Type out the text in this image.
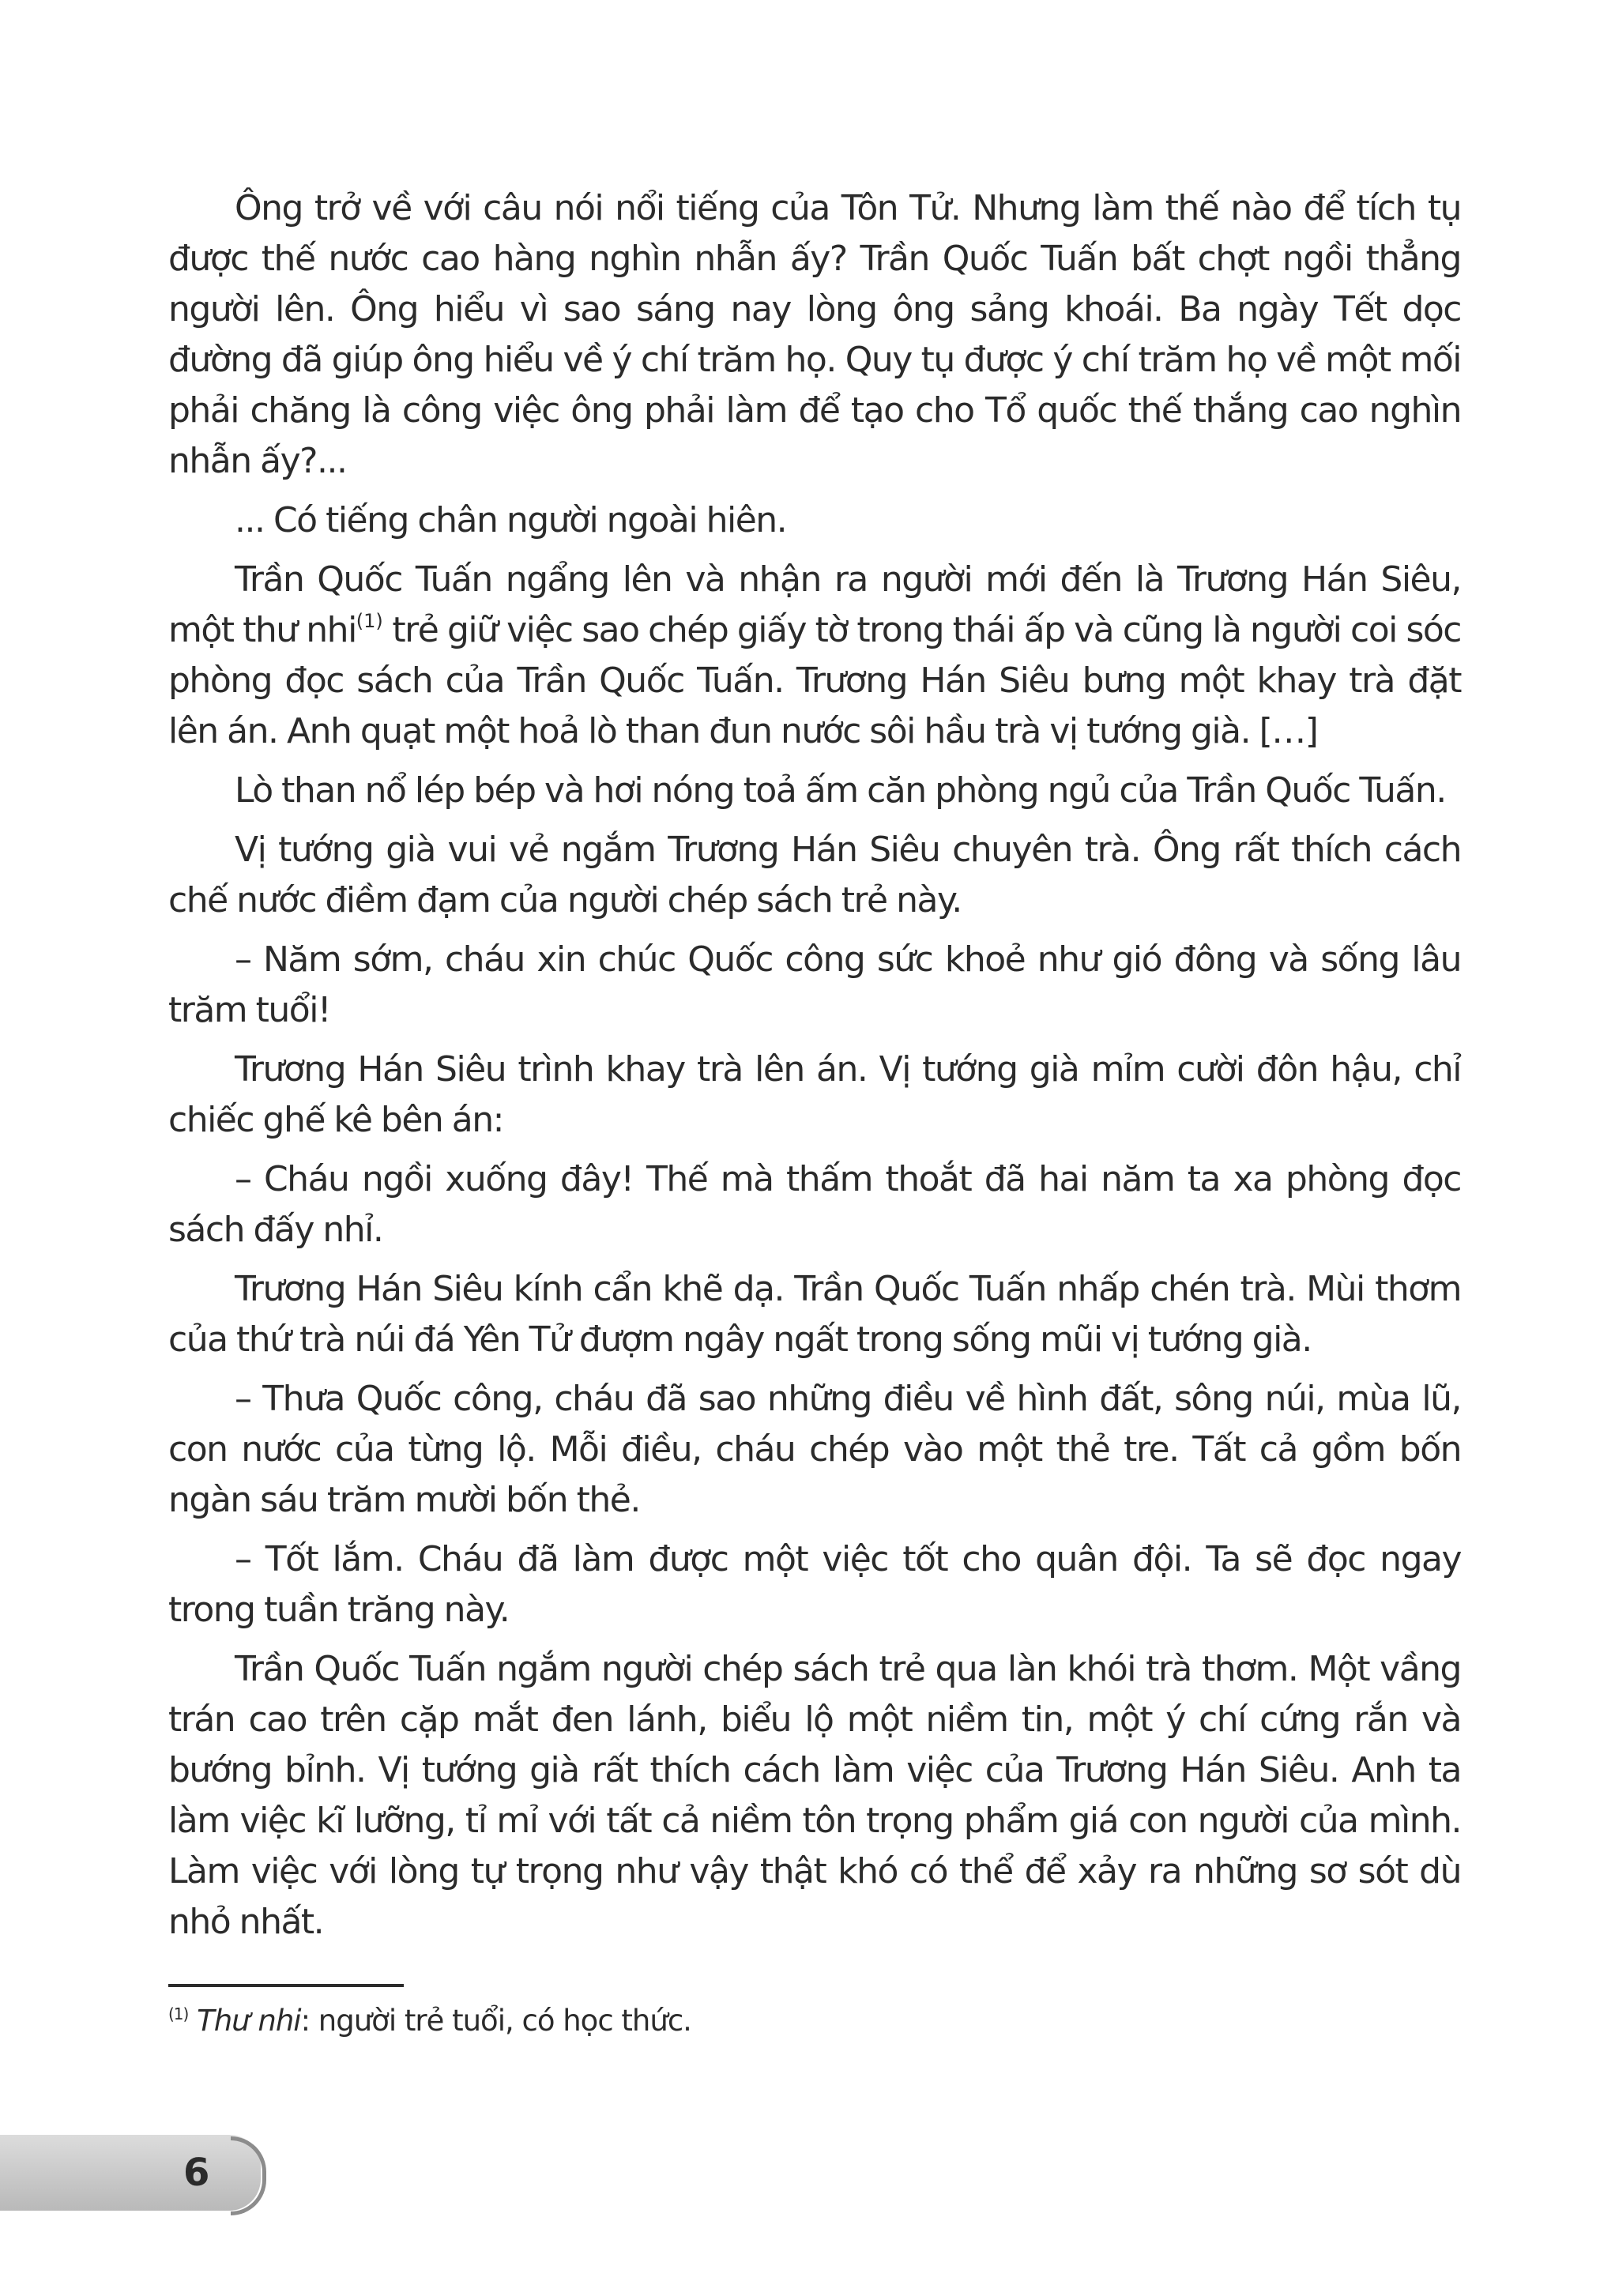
Ông trở về với câu nói nổi tiếng của Tôn Tử. Nhưng làm thế nào để tích tụ được thế nước cao hàng nghìn nhẫn ấy? Trần Quốc Tuấn bất chợt ngồi thẳng người lên. Ông hiểu vì sao sáng nay lòng ông sảng khoái. Ba ngày Tết dọc đường đã giúp ông hiểu về ý chí trăm họ. Quy tụ được ý chí trăm họ về một mối phải chăng là công việc ông phải làm để tạo cho Tổ quốc thế thắng cao nghìn nhẫn ấy?...

... Có tiếng chân người ngoài hiên.

Trần Quốc Tuấn ngẩng lên và nhận ra người mới đến là Trương Hán Siêu, một thư nhi$^{(1)}$ trẻ giữ việc sao chép giấy tờ trong thái ấp và cũng là người coi sóc phòng đọc sách của Trần Quốc Tuấn. Trương Hán Siêu bưng một khay trà đặt lên án. Anh quạt một hoả lò than đun nước sôi hầu trà vị tướng già. […]

Lò than nổ lép bép và hơi nóng toả ấm căn phòng ngủ của Trần Quốc Tuấn.

Vị tướng già vui vẻ ngắm Trương Hán Siêu chuyên trà. Ông rất thích cách chế nước điềm đạm của người chép sách trẻ này.

– Năm sớm, cháu xin chúc Quốc công sức khoẻ như gió đông và sống lâu trăm tuổi!

Trương Hán Siêu trình khay trà lên án. Vị tướng già mỉm cười đôn hậu, chỉ chiếc ghế kê bên án:

– Cháu ngồi xuống đây! Thế mà thấm thoắt đã hai năm ta xa phòng đọc sách đấy nhỉ.

Trương Hán Siêu kính cẩn khẽ dạ. Trần Quốc Tuấn nhấp chén trà. Mùi thơm của thứ trà núi đá Yên Tử đượm ngây ngất trong sống mũi vị tướng già.

– Thưa Quốc công, cháu đã sao những điều về hình đất, sông núi, mùa lũ, con nước của từng lộ. Mỗi điều, cháu chép vào một thẻ tre. Tất cả gồm bốn ngàn sáu trăm mười bốn thẻ.

– Tốt lắm. Cháu đã làm được một việc tốt cho quân đội. Ta sẽ đọc ngay trong tuần trăng này.

Trần Quốc Tuấn ngắm người chép sách trẻ qua làn khói trà thơm. Một vầng trán cao trên cặp mắt đen lánh, biểu lộ một niềm tin, một ý chí cứng rắn và bướng bỉnh. Vị tướng già rất thích cách làm việc của Trương Hán Siêu. Anh ta làm việc kĩ lưỡng, tỉ mỉ với tất cả niềm tôn trọng phẩm giá con người của mình. Làm việc với lòng tự trọng như vậy thật khó có thể để xảy ra những sơ sót dù nhỏ nhất.

$^{(1)}$ Thư nhi: người trẻ tuổi, có học thức.
6
